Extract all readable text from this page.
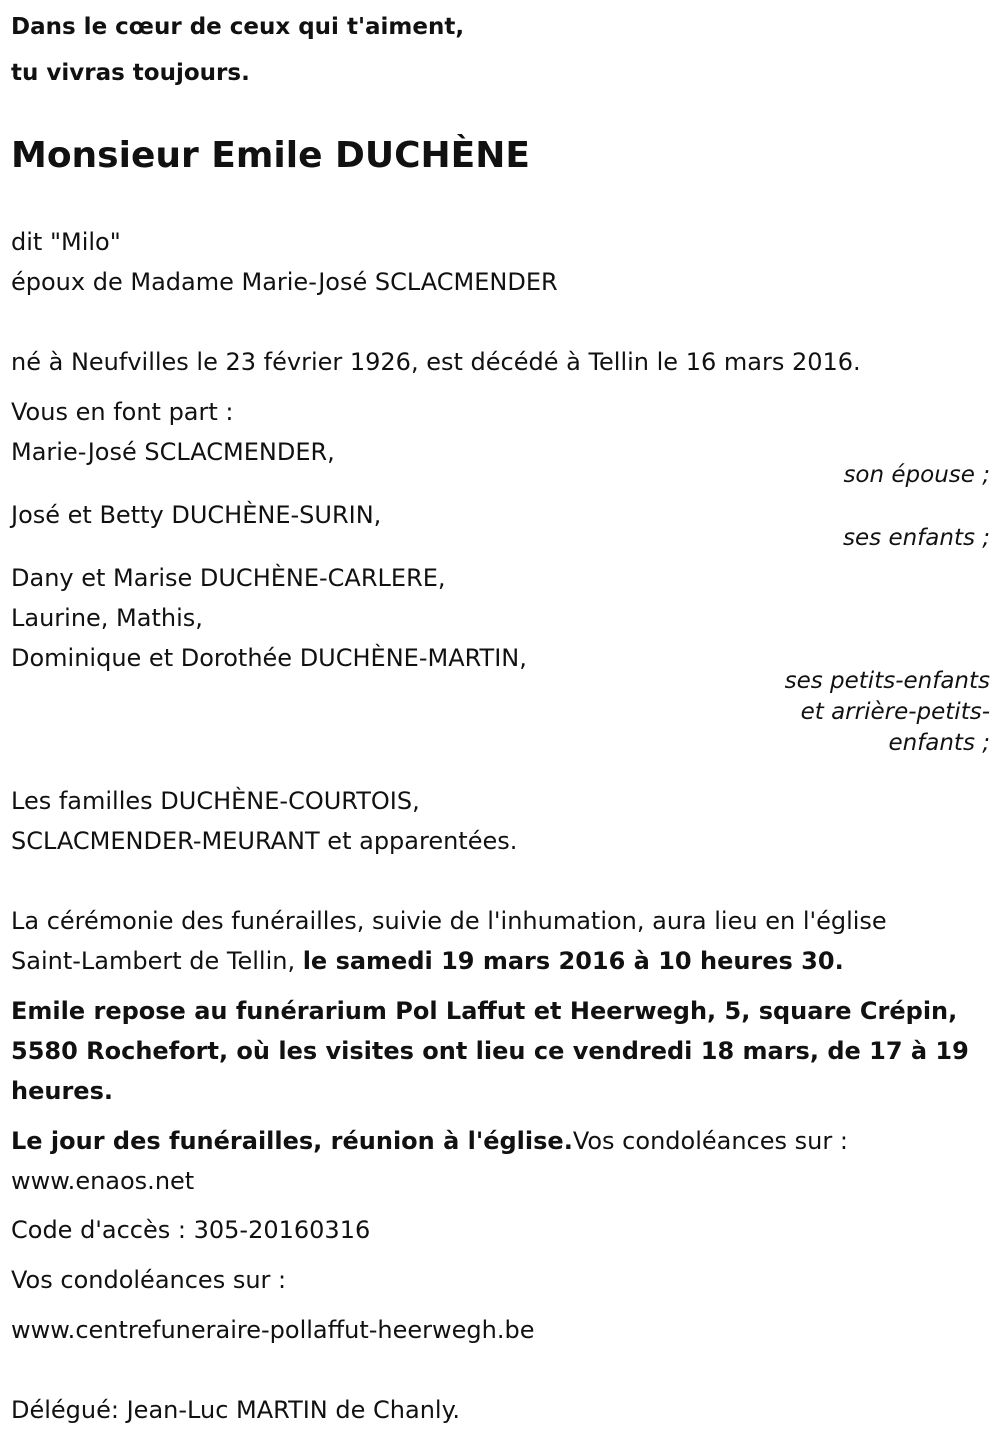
Dans le cœur de ceux qui t'aiment,
tu vivras toujours.
Monsieur Emile DUCHÈNE
dit "Milo"
époux de Madame Marie-José SCLACMENDER
né à Neufvilles le 23 février 1926, est décédé à Tellin le 16 mars 2016.
Vous en font part :
Marie-José SCLACMENDER,
son épouse ;
José et Betty DUCHÈNE-SURIN,
ses enfants ;
Dany et Marise DUCHÈNE-CARLERE,
Laurine, Mathis,
Dominique et Dorothée DUCHÈNE-MARTIN,
ses petits-enfants
et arrière-petits-
enfants ;
Les familles DUCHÈNE-COURTOIS,
SCLACMENDER-MEURANT et apparentées.
La cérémonie des funérailles, suivie de l'inhumation, aura lieu en l'église
Saint-Lambert de Tellin, le samedi 19 mars 2016 à 10 heures 30.
Emile repose au funérarium Pol Laffut et Heerwegh, 5, square Crépin,
5580 Rochefort, où les visites ont lieu ce vendredi 18 mars, de 17 à 19
heures.
Le jour des funérailles, réunion à l'église.Vos condoléances sur :
www.enaos.net
Code d'accès : 305-20160316
Vos condoléances sur :
www.centrefuneraire-pollaffut-heerwegh.be
Délégué: Jean-Luc MARTIN de Chanly.
